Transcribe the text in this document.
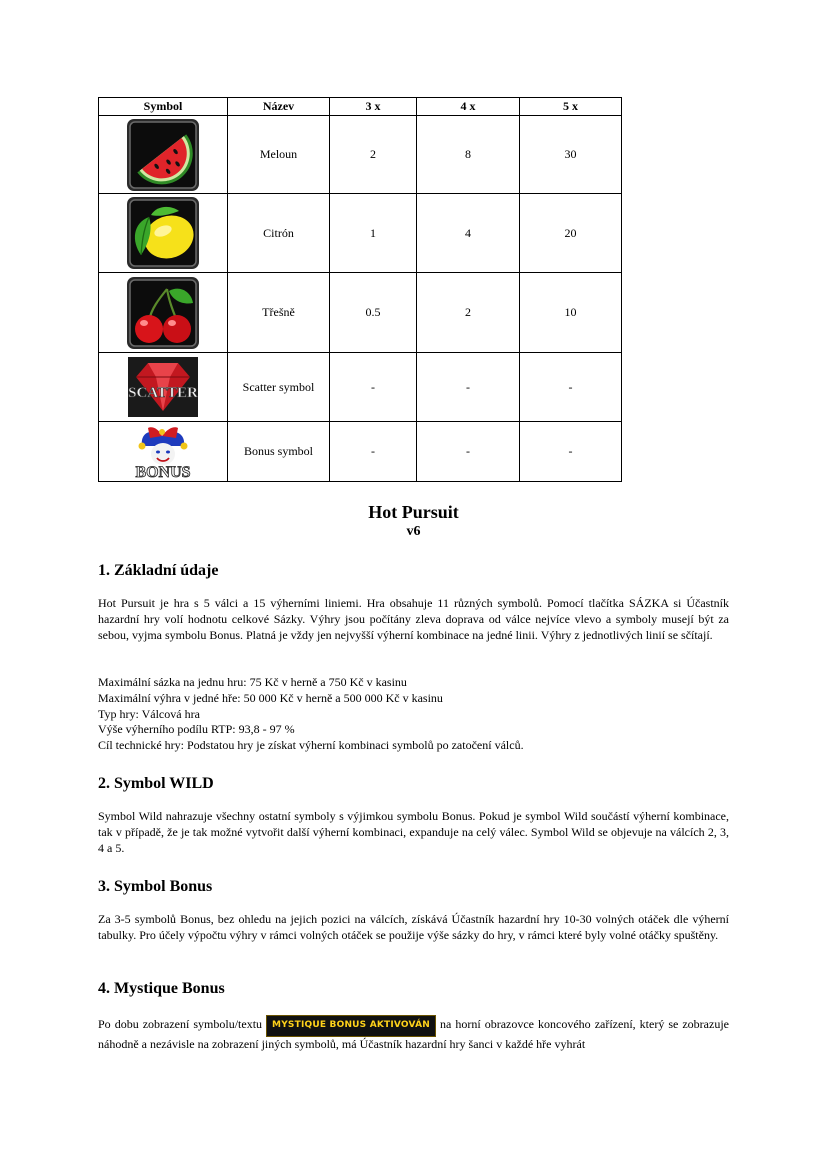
Symbol	Název	3 x	4 x	5 x

	Meloun	2	8	30

	Citrón	1	4	20

	Třešně	0.5	2	10

SCATTER	Scatter symbol	-	-	-

BONUS	Bonus symbol	-	-	-
Hot Pursuit
v6
1. Základní údaje

Hot Pursuit je hra s 5 válci a 15 výherními liniemi. Hra obsahuje 11 různých symbolů. Pomocí tlačítka SÁZKA si Účastník hazardní hry volí hodnotu celkové Sázky. Výhry jsou počítány zleva doprava od válce nejvíce vlevo a symboly musejí být za sebou, vyjma symbolu Bonus. Platná je vždy jen nejvyšší výherní kombinace na jedné linii. Výhry z jednotlivých linií se sčítají.

Maximální sázka na jednu hru: 75 Kč v herně a 750 Kč v kasinu
Maximální výhra v jedné hře: 50 000 Kč v herně a 500 000 Kč v kasinu
Typ hry: Válcová hra
Výše výherního podílu RTP: 93,8 - 97 %
Cíl technické hry: Podstatou hry je získat výherní kombinaci symbolů po zatočení válců.
2. Symbol WILD

Symbol Wild nahrazuje všechny ostatní symboly s výjimkou symbolu Bonus. Pokud je symbol Wild součástí výherní kombinace, tak v případě, že je tak možné vytvořit další výherní kombinaci, expanduje na celý válec. Symbol Wild se objevuje na válcích 2, 3, 4 a 5.

3. Symbol Bonus

Za 3-5 symbolů Bonus, bez ohledu na jejich pozici na válcích, získává Účastník hazardní hry 10-30 volných otáček dle výherní tabulky. Pro účely výpočtu výhry v rámci volných otáček se použije výše sázky do hry, v rámci které byly volné otáčky spuštěny.

4. Mystique Bonus

Po dobu zobrazení symbolu/textu MYSTIQUE BONUS AKTIVOVÁN na horní obrazovce koncového zařízení, který se zobrazuje náhodně a nezávisle na zobrazení jiných symbolů, má Účastník hazardní hry šanci v každé hře vyhrát
